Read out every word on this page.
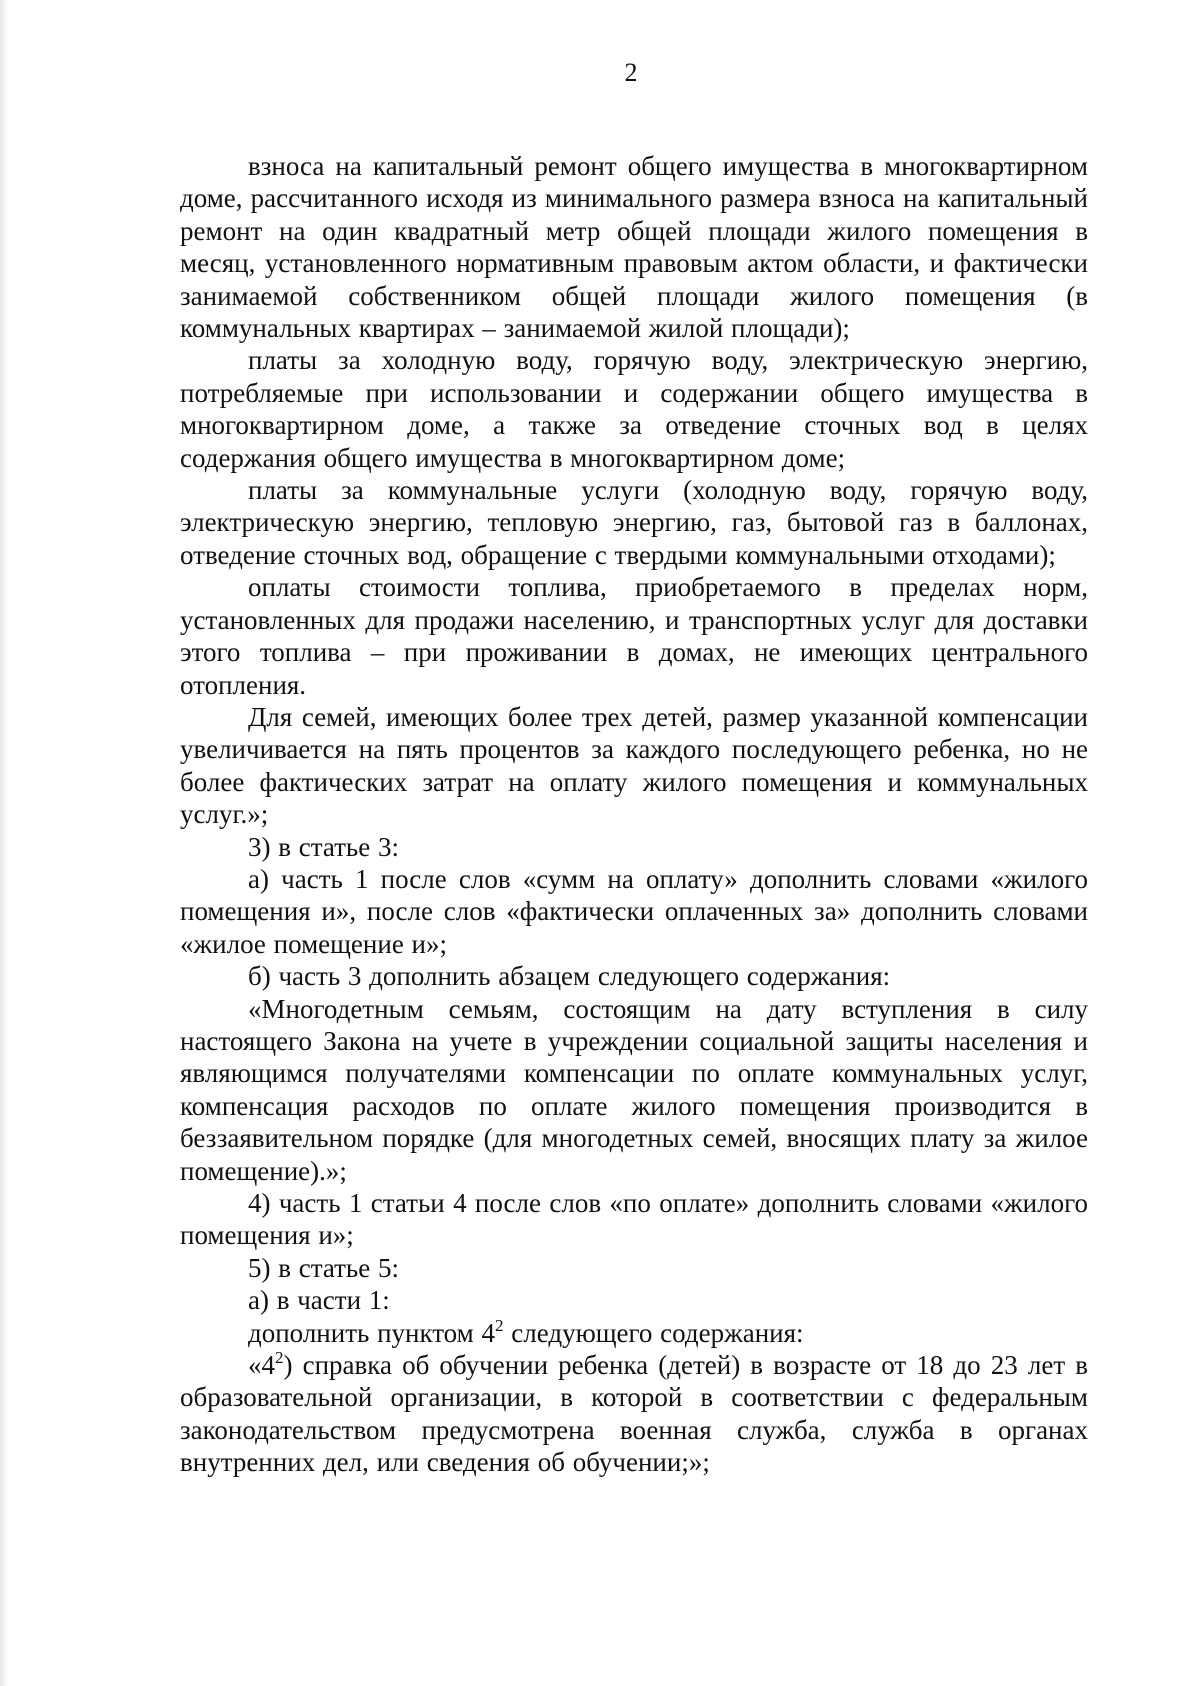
2

взноса на капитальный ремонт общего имущества в многоквартирном доме, рассчитанного исходя из минимального размера взноса на капитальный ремонт на один квадратный метр общей площади жилого помещения в месяц, установленного нормативным правовым актом области, и фактически занимаемой собственником общей площади жилого помещения (в коммунальных квартирах – занимаемой жилой площади);

платы за холодную воду, горячую воду, электрическую энергию, потребляемые при использовании и содержании общего имущества в многоквартирном доме, а также за отведение сточных вод в целях содержания общего имущества в многоквартирном доме;

платы за коммунальные услуги (холодную воду, горячую воду, электрическую энергию, тепловую энергию, газ, бытовой газ в баллонах, отведение сточных вод, обращение с твердыми коммунальными отходами);

оплаты стоимости топлива, приобретаемого в пределах норм, установленных для продажи населению, и транспортных услуг для доставки этого топлива – при проживании в домах, не имеющих центрального отопления.

Для семей, имеющих более трех детей, размер указанной компенсации увеличивается на пять процентов за каждого последующего ребенка, но не более фактических затрат на оплату жилого помещения и коммунальных услуг.»;

3) в статье 3:

а) часть 1 после слов «сумм на оплату» дополнить словами «жилого помещения и», после слов «фактически оплаченных за» дополнить словами «жилое помещение и»;

б) часть 3 дополнить абзацем следующего содержания:

«Многодетным семьям, состоящим на дату вступления в силу настоящего Закона на учете в учреждении социальной защиты населения и являющимся получателями компенсации по оплате коммунальных услуг, компенсация расходов по оплате жилого помещения производится в беззаявительном порядке (для многодетных семей, вносящих плату за жилое помещение).»;

4) часть 1 статьи 4 после слов «по оплате» дополнить словами «жилого помещения и»;

5) в статье 5:

а) в части 1:

дополнить пунктом $4^2$ следующего содержания:

«$4^2$) справка об обучении ребенка (детей) в возрасте от 18 до 23 лет в образовательной организации, в которой в соответствии с федеральным законодательством предусмотрена военная служба, служба в органах внутренних дел, или сведения об обучении;»;
